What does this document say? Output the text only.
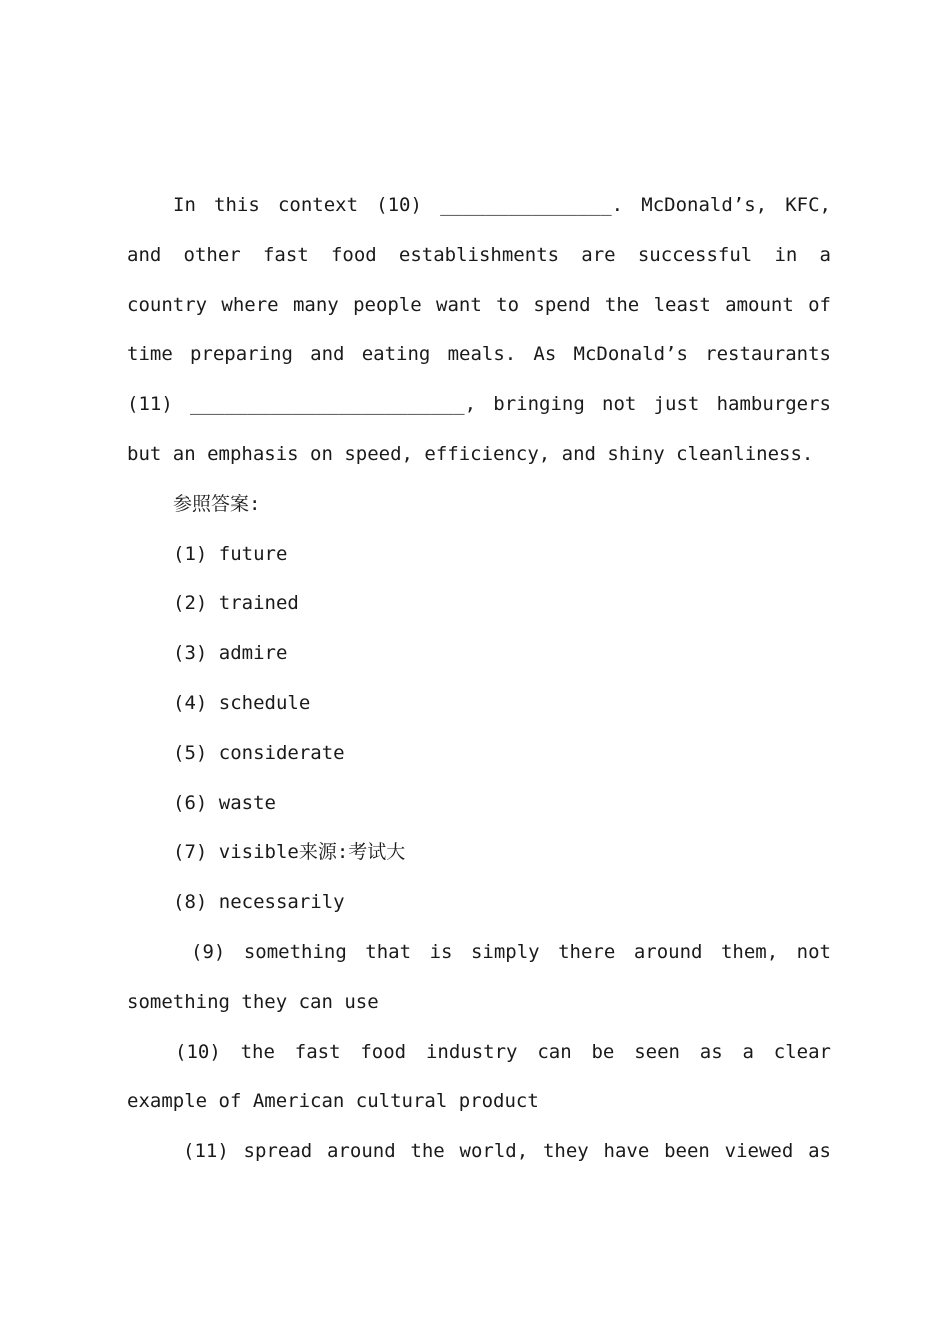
In this context (10) _______________. McDonald’s, KFC, and other fast food establishments are successful in a country where many people want to spend the least amount of time preparing and eating meals. As McDonald’s restaurants (11) ________________________, bringing not just hamburgers but an emphasis on speed, efficiency, and shiny cleanliness.

参照答案:

(1) future

(2) trained

(3) admire

(4) schedule

(5) considerate

(6) waste

(7) visible来源:考试大

(8) necessarily

(9) something that is simply there around them, not something they can use

(10) the fast food industry can be seen as a clear example of American cultural product

(11) spread around the world, they have been viewed as
